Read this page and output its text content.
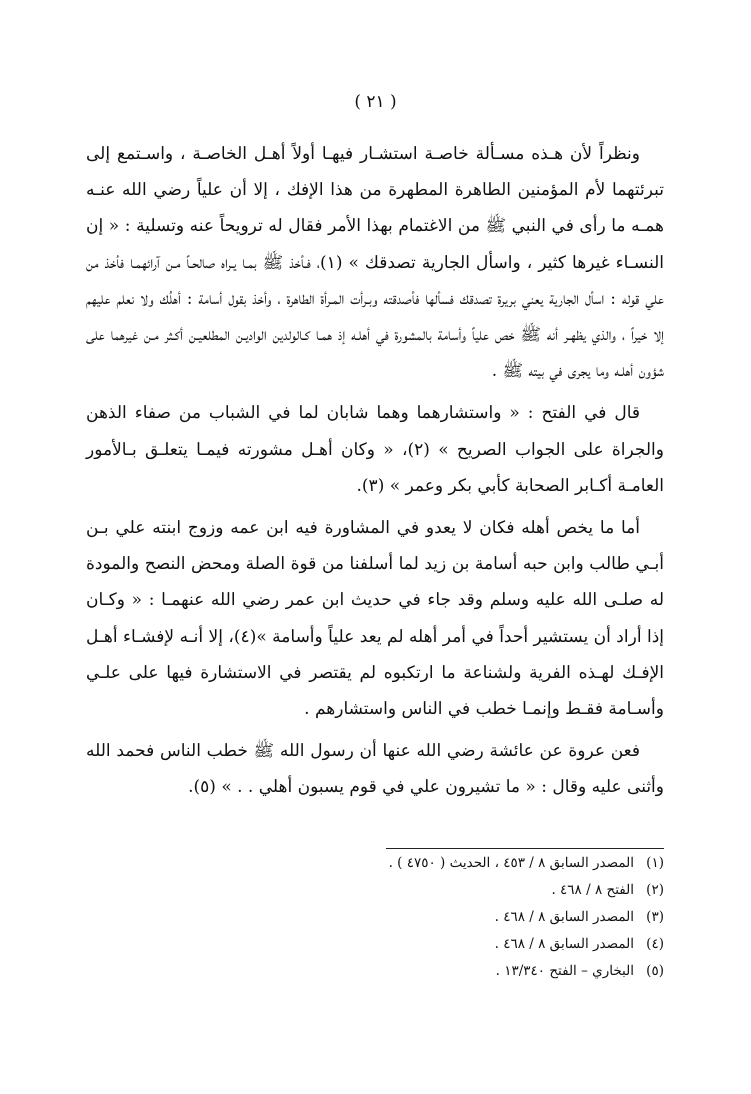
( ٢١ )

ونظراً لأن هـذه مسـألة خاصـة استشـار فيهـا أولاً أهـل الخاصـة ، واسـتمع إلى تبرئتهما لأم المؤمنين الطاهرة المطهرة من هذا الإفك ، إلا أن علياً رضي الله عنـه همـه ما رأى في النبي ﷺ من الاغتمام بهذا الأمر فقال له ترويحاً عنه وتسلية : « إن النسـاء غيرها كثير ، واسأل الجارية تصدقك » (١)، فـأخذ ﷺ بمـا يـراه صالحـاً مـن آرائهمـا فأخذ من علي قوله : اسأل الجارية يعني بريرة تصدقك فسألها فأصدقته وبـرأت المـرأة الطاهرة ، وأخذ بقول أسامة : أهلُك ولا نعلم عليهم إلا خيراً ، والذي يظهـر أنه ﷺ خص علياً وأسامة بالمشورة في أهلـه إذ همـا كـالولدين الواديـن المطلعيـن أكـثر مـن غيرهما على شؤون أهلـه وما يجرى في بيته ﷺ .

قال في الفتح : « واستشارهما وهما شابان لما في الشباب من صفاء الذهن والجراة على الجواب الصريح » (٢)، « وكان أهـل مشورته فيمـا يتعلـق بـالأمور العامـة أكـابر الصحابة كأبي بكر وعمر » (٣).

أما ما يخص أهله فكان لا يعدو في المشاورة فيه ابن عمه وزوج ابنته علي بـن أبـي طالب وابن حبه أسامة بن زيد لما أسلفنا من قوة الصلة ومحض النصح والمودة له صلـى الله عليه وسلم وقد جاء في حديث ابن عمر رضي الله عنهمـا : « وكـان إذا أراد أن يستشير أحداً في أمر أهله لم يعد علياً وأسامة »(٤)، إلا أنـه لإفشـاء أهـل الإفـك لهـذه الفرية ولشناعة ما ارتكبوه لم يقتصر في الاستشارة فيها على علـي وأسـامة فقـط وإنمـا خطب في الناس واستشارهم .

فعن عروة عن عائشة رضي الله عنها أن رسول الله ﷺ خطب الناس فحمد الله وأثنى عليه وقال : « ما تشيرون علي في قوم يسبون أهلي . . » (٥).

(١)
المصدر السابق ٨ / ٤٥٣ ، الحديث ( ٤٧٥٠ ) .
(٢)
الفتح ٨ / ٤٦٨ .
(٣)
المصدر السابق ٨ / ٤٦٨ .
(٤)
المصدر السابق ٨ / ٤٦٨ .
(٥)
البخاري – الفتح ١٣/٣٤٠ .
